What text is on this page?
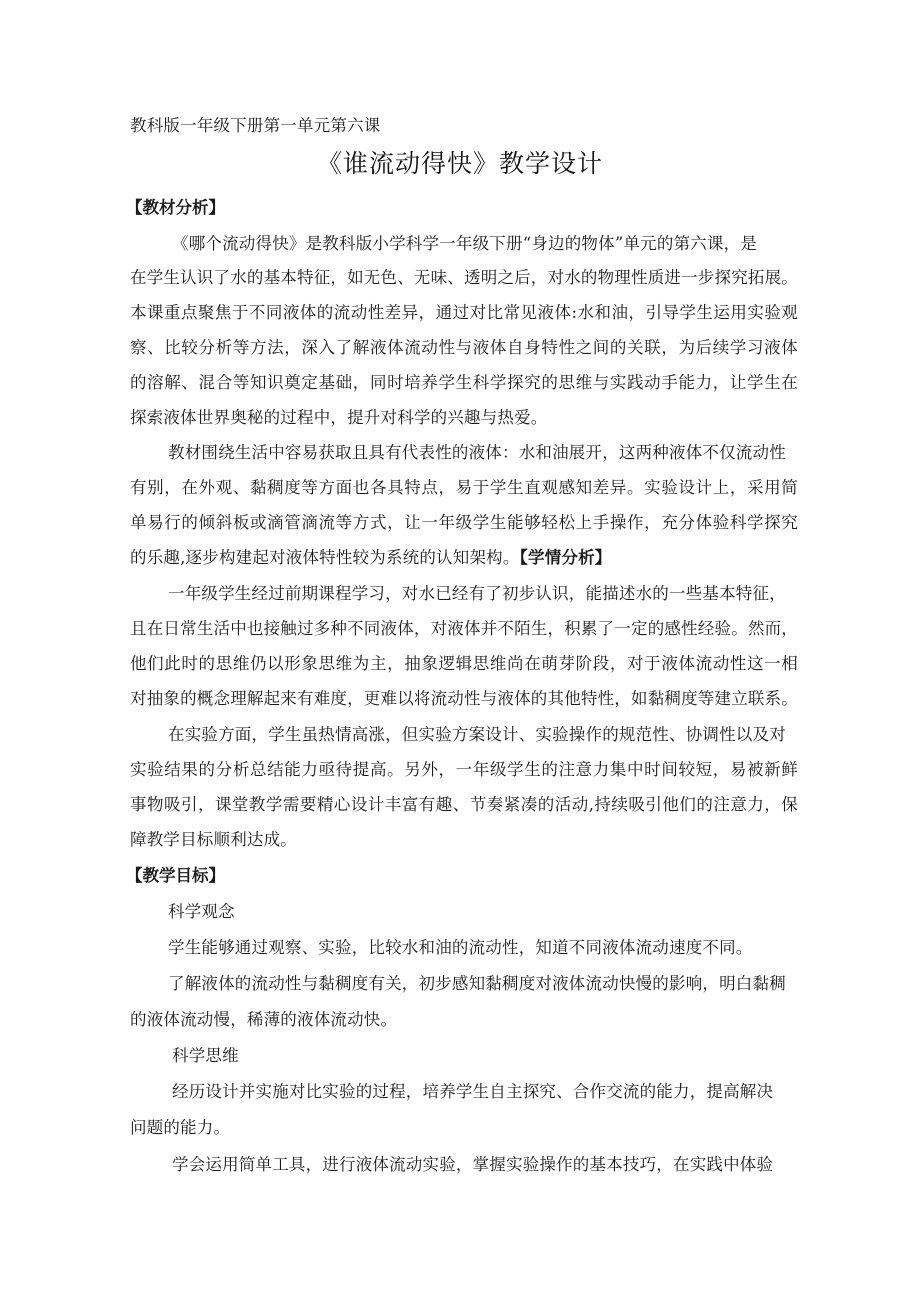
教科版一年级下册第一单元第六课
《谁流动得快》教学设计
【教材分析】
《哪个流动得快》是教科版小学科学一年级下册“身边的物体”单元的第六课，是
在学生认识了水的基本特征，如无色、无味、透明之后，对水的物理性质进一步探究拓展。
本课重点聚焦于不同液体的流动性差异，通过对比常见液体:水和油，引导学生运用实验观
察、比较分析等方法，深入了解液体流动性与液体自身特性之间的关联，为后续学习液体
的溶解、混合等知识奠定基础，同时培养学生科学探究的思维与实践动手能力，让学生在
探索液体世界奥秘的过程中，提升对科学的兴趣与热爱。
教材围绕生活中容易获取且具有代表性的液体：水和油展开，这两种液体不仅流动性
有别，在外观、黏稠度等方面也各具特点，易于学生直观感知差异。实验设计上，采用简
单易行的倾斜板或滴管滴流等方式，让一年级学生能够轻松上手操作，充分体验科学探究
的乐趣,逐步构建起对液体特性较为系统的认知架构。【学情分析】
一年级学生经过前期课程学习，对水已经有了初步认识，能描述水的一些基本特征，
且在日常生活中也接触过多种不同液体，对液体并不陌生，积累了一定的感性经验。然而，
他们此时的思维仍以形象思维为主，抽象逻辑思维尚在萌芽阶段，对于液体流动性这一相
对抽象的概念理解起来有难度，更难以将流动性与液体的其他特性，如黏稠度等建立联系。
在实验方面，学生虽热情高涨，但实验方案设计、实验操作的规范性、协调性以及对
实验结果的分析总结能力亟待提高。另外，一年级学生的注意力集中时间较短，易被新鲜
事物吸引，课堂教学需要精心设计丰富有趣、节奏紧凑的活动,持续吸引他们的注意力，保
障教学目标顺利达成。
【教学目标】
科学观念
学生能够通过观察、实验，比较水和油的流动性，知道不同液体流动速度不同。
了解液体的流动性与黏稠度有关，初步感知黏稠度对液体流动快慢的影响，明白黏稠
的液体流动慢，稀薄的液体流动快。
科学思维
经历设计并实施对比实验的过程，培养学生自主探究、合作交流的能力，提高解决
问题的能力。
学会运用简单工具，进行液体流动实验，掌握实验操作的基本技巧，在实践中体验
